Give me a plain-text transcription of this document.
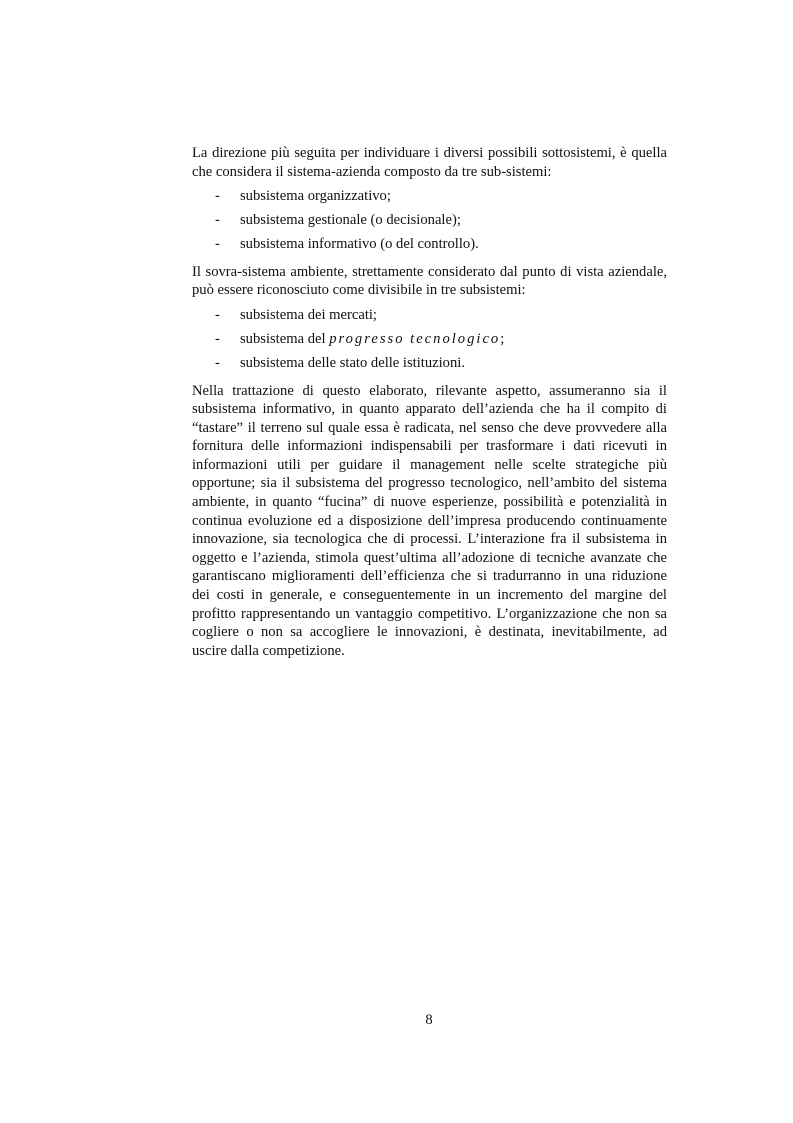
La direzione più seguita per individuare i diversi possibili sottosistemi, è quella che considera il sistema-azienda composto da tre sub-sistemi:

- subsistema organizzativo;
- subsistema gestionale (o decisionale);
- subsistema informativo (o del controllo).

Il sovra-sistema ambiente, strettamente considerato dal punto di vista aziendale, può essere riconosciuto come divisibile in tre subsistemi:

- subsistema dei mercati;
- subsistema del progresso tecnologico;
- subsistema delle stato delle istituzioni.

Nella trattazione di questo elaborato, rilevante aspetto, assumeranno sia il subsistema informativo, in quanto apparato dell’azienda che ha il compito di “tastare” il terreno sul quale essa è radicata, nel senso che deve provvedere alla fornitura delle informazioni indispensabili per trasformare i dati ricevuti in informazioni utili per guidare il management nelle scelte strategiche più opportune; sia il subsistema del progresso tecnologico, nell’ambito del sistema ambiente, in quanto “fucina” di nuove esperienze, possibilità e potenzialità in continua evoluzione ed a disposizione dell’impresa producendo continuamente innovazione, sia tecnologica che di processi. L’interazione fra il subsistema in oggetto e l’azienda, stimola quest’ultima all’adozione di tecniche avanzate che garantiscano miglioramenti dell’efficienza che si tradurranno in una riduzione dei costi in generale, e conseguentemente in un incremento del margine del profitto rappresentando un vantaggio competitivo. L’organizzazione che non sa cogliere o non sa accogliere le innovazioni, è destinata, inevitabilmente, ad uscire dalla competizione.

8
